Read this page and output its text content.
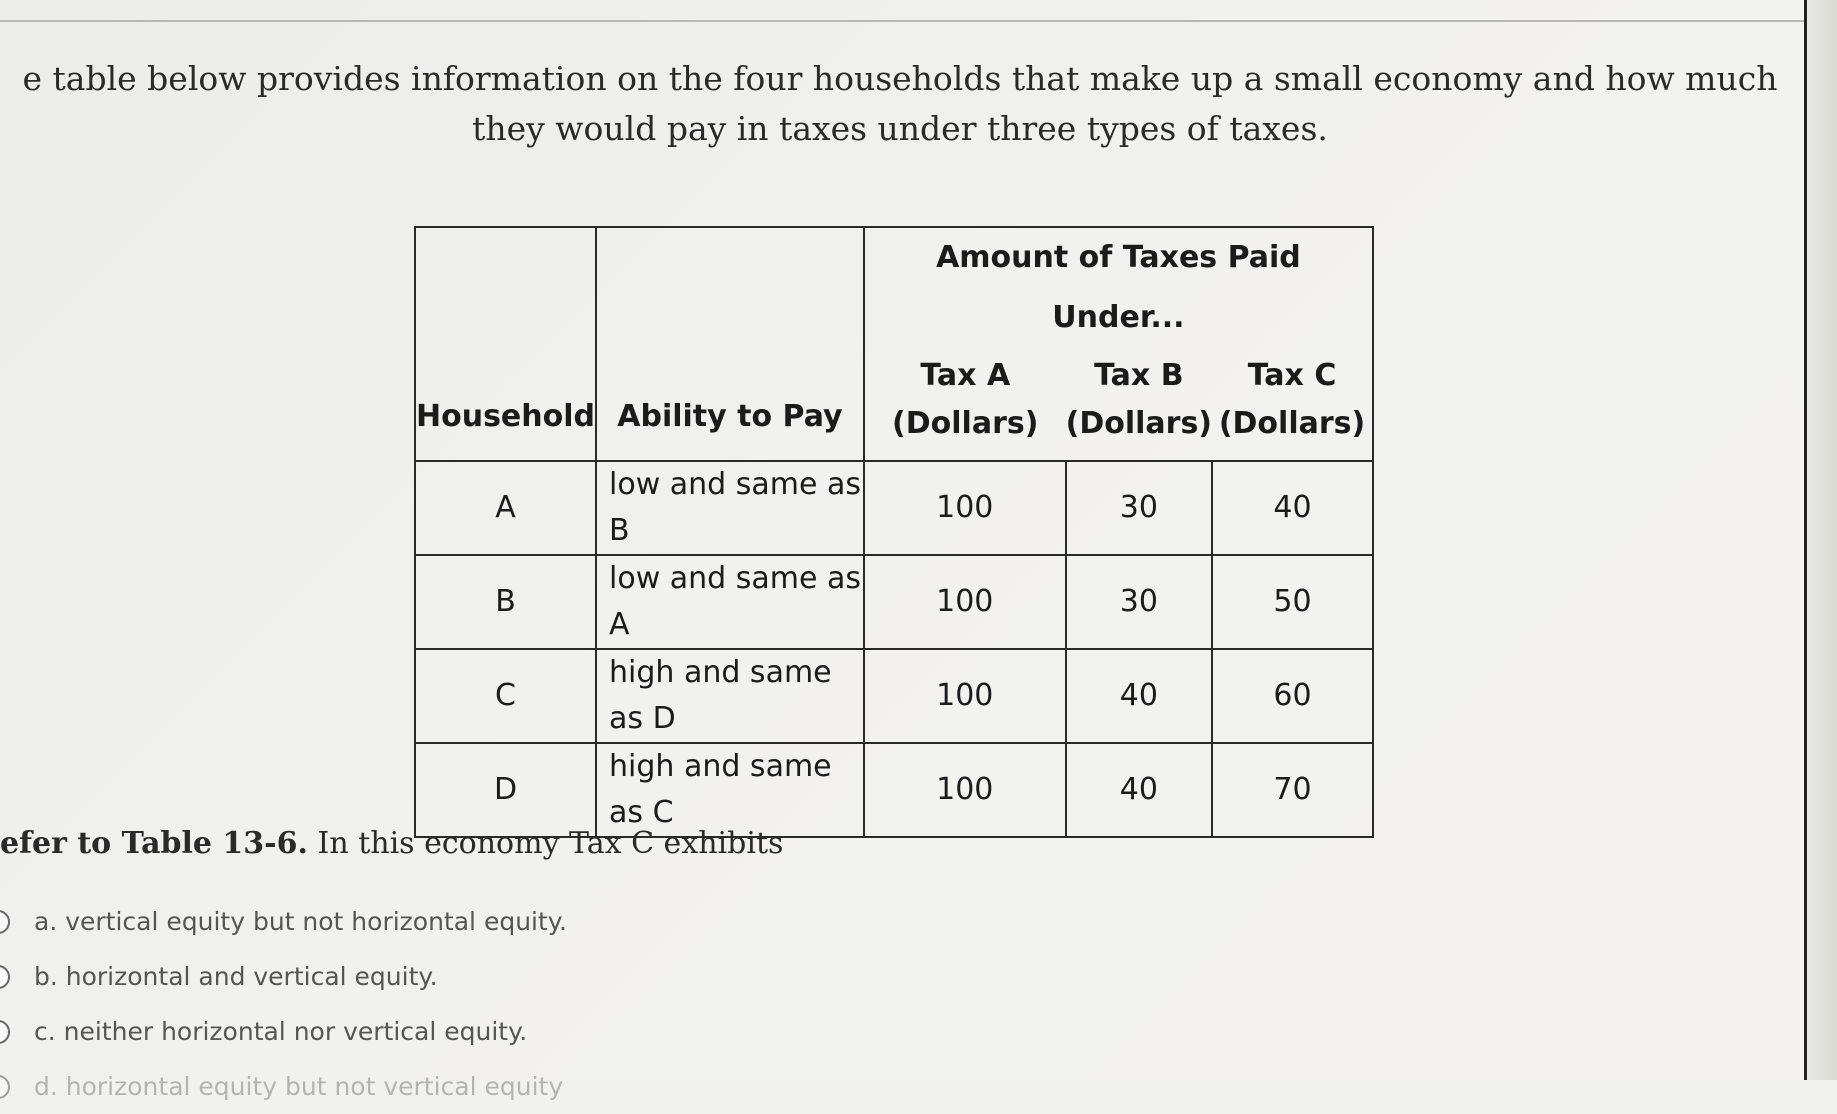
e table below provides information on the four households that make up a small economy and how much they would pay in taxes under three types of taxes.

Household	Ability to Pay	Amount of Taxes Paid Under...		
		Tax A	Tax B	Tax C
		(Dollars)	(Dollars)	(Dollars)
A	low and same as B	100	30	40
B	low and same as A	100	30	50
C	high and same as D	100	40	60
D	high and same as C	100	40	70

efer to Table 13-6. In this economy Tax C exhibits

a. vertical equity but not horizontal equity.
b. horizontal and vertical equity.
c. neither horizontal nor vertical equity.
d. horizontal equity but not vertical equity
